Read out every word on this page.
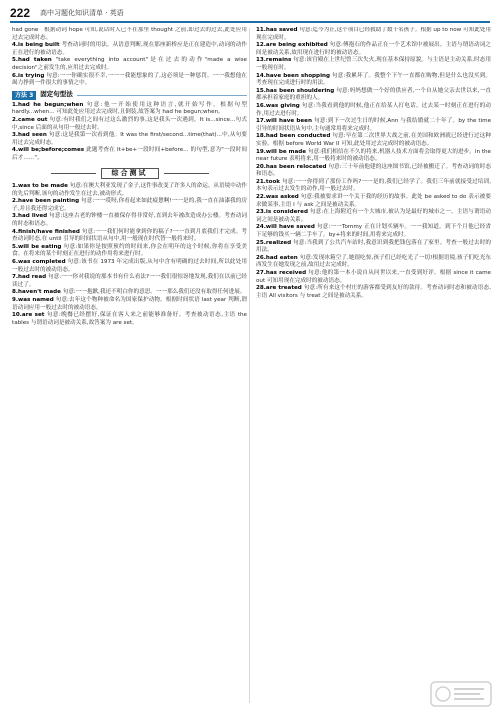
222 高中习题化知识清单 · 英语

had gone　根据动词 hope 可知,说话时人已不在那里 thought 之前,即过去的过去,此处应用过去完成时态。

4.is being built 考查动词时的用法。从语意判断,现在那座新桥应是正在建造中,动词的动作正在进行的被动语态。

5.had taken "take everything into account"是在过去的动作"made a wise decision"之前发生的,应用过去完成时。

6.is trying 句意:一一你确实很不幸,一一一我能想象的了,这必须是一种惩罚。一一我想他在竭力挣到一件很大的事情之中。

方法 3	固定句型法

1.had he begun;when 句意:他一开始使用这种语言,就开始写作。根据句型 hardly...when... 可知此处应用过去完成时,且倒装,故答案为 had he begun;when。

2.came out 句意:有时我们之间有过这么激烈的事,这是我头一次遇到。It is...since...句式中,since 后面的从句用一般过去时。

3.had seen 句意:这是我第一次看到他。It was the first/second...time(that)...中,从句要用过去完成时态。

4.will be;before;comes 此题考查在 It+be+一段时间+before... 的句型,意为"一段时间后才……"。

综合测试

1.was to be made 句意:在澳大利亚发现了金子,这件事改变了许多人的命运。从语境中动作的先后判断,该句的动作发生在过去,被动形式。

2.have been painting 句意:一一哎呀,你看起来如此疲惫啊!一一是的,我一直在油漆我的房子,并且我还得完成它。

3.had lived 句意:这座古老的钟楼一直被保存得非常好,直到去年被改造成办公楼。考查动词的时态和语态。

4.finish/have finished 句意:一一我们何时能拿到你的稿子?一一直到月底我们才完成。考查动词时态,在 until 引导的时间状语从句中,用一般现在时代替一般将来时。

5.will be eating 句意:如果你是按照预约的时间来,你会在明年的这个时候,你将在享受美食。在将来的某个时刻正在进行的动作用将来进行时。

6.was completed 句意:该书在 1973 年完成出版,从句中含有明确的过去时间,所以此处用一般过去时的被动语态。

7.had read 句意:一一你对我说的那本书有什么看法?一一我们很惊讶地发现,我们在以前已经读过了。

8.haven't made 句意:一一抱歉,我还不明白你的意思。一一那么我们还没有取得任何进展。

9.was named 句意:去年这个物种被命名为国家保护动物。根据时间状语 last year 判断,谓语动词应用一般过去时的被动语态。

10.are set 句意:晚餐已经摆好,保证在客人来之前能够准备好。考查被动语态,主语 the tables 与谓语动词是被动关系,故答案为 are set。

11.has saved 句意:迄今为止,这个项目已经救助了数千名孩子。根据 up to now 可知此处用现在完成时。

12.are being exhibited 句意:傅抱石的作品正在一个艺术馆中被展出。主语与谓语动词之间是被动关系,故用现在进行时的被动语态。

13.remains 句意:该宫殿在上世纪曾三次失火,现在基本保持原貌。与主语是主动关系,时态用一般现在时。

14.have been shopping 句意:我累坏了。我整个下午一直都在购物,但是什么也没买到。考查现在完成进行时的用法。

15.has been shouldering 句意:妈妈想做一个好的供应者,一个自从她父亲去世以来,一直都承担着家庭的重担的人。

16.was giving 句意:当我看到他的时候,他正在给某人打电话。过去某一时刻正在进行的动作,用过去进行时。

17.will have been 句意:到下一次过生日的时候,Ann 与我结婚就二十年了。by the time 引导的时间状语从句中,主句通常用将来完成时。

18.had been conducted 句意:早在第二次世界大战之前,在美国和欧洲就已经进行过这种实验。根据 before World War II 可知,此处用过去完成时的被动语态。

19.will be made 句意:我们相信在不久的将来,机器人技术方面将会取得更大的进步。in the near future 表明将来,用一般将来时的被动语态。

20.has been relocated 句意:三十年前他建的这座图书馆,已经被搬迁了。考查动词的时态和语态。

21.took 句意:一一你得到了那份工作吗?一一是的,我们已经学了。我们三年前就接受过培训,本句表示过去发生的动作,用一般过去时。

22.was asked 句意:我被要求讲一个关于我的经历的故事。此处 be asked to do 表示被要求做某事,主语 I 与 ask 之间是被动关系。

23.is considered 句意:在上海附近有一个大城市,被认为是最好的城市之一。主语与谓语动词之间是被动关系。

24.will have saved 句意:一一Tommy 正在计划买辆车。一一我知道。到下个月他已经省下足够的钱买一辆二手车了。by+将来的时间,用将来完成时。

25.realized 句意:当我到了公共汽车站时,我意识到我把钱包落在了家里。考查一般过去时的用法。

26.had eaten 句意:发现冰箱空了,她很吃惊,孩子们已经吃光了一切!根据语境,孩子们吃光东西发生在她发现之前,故用过去完成时。

27.has received 句意:他的第一本小说自从问世以来,一直受到好评。根据 since it came out 可知用现在完成时的被动语态。

28.are treated 句意:所有来这个村庄的游客都受到友好的款待。考查动词时态和被动语态,主语 All visitors 与 treat 之间是被动关系。
